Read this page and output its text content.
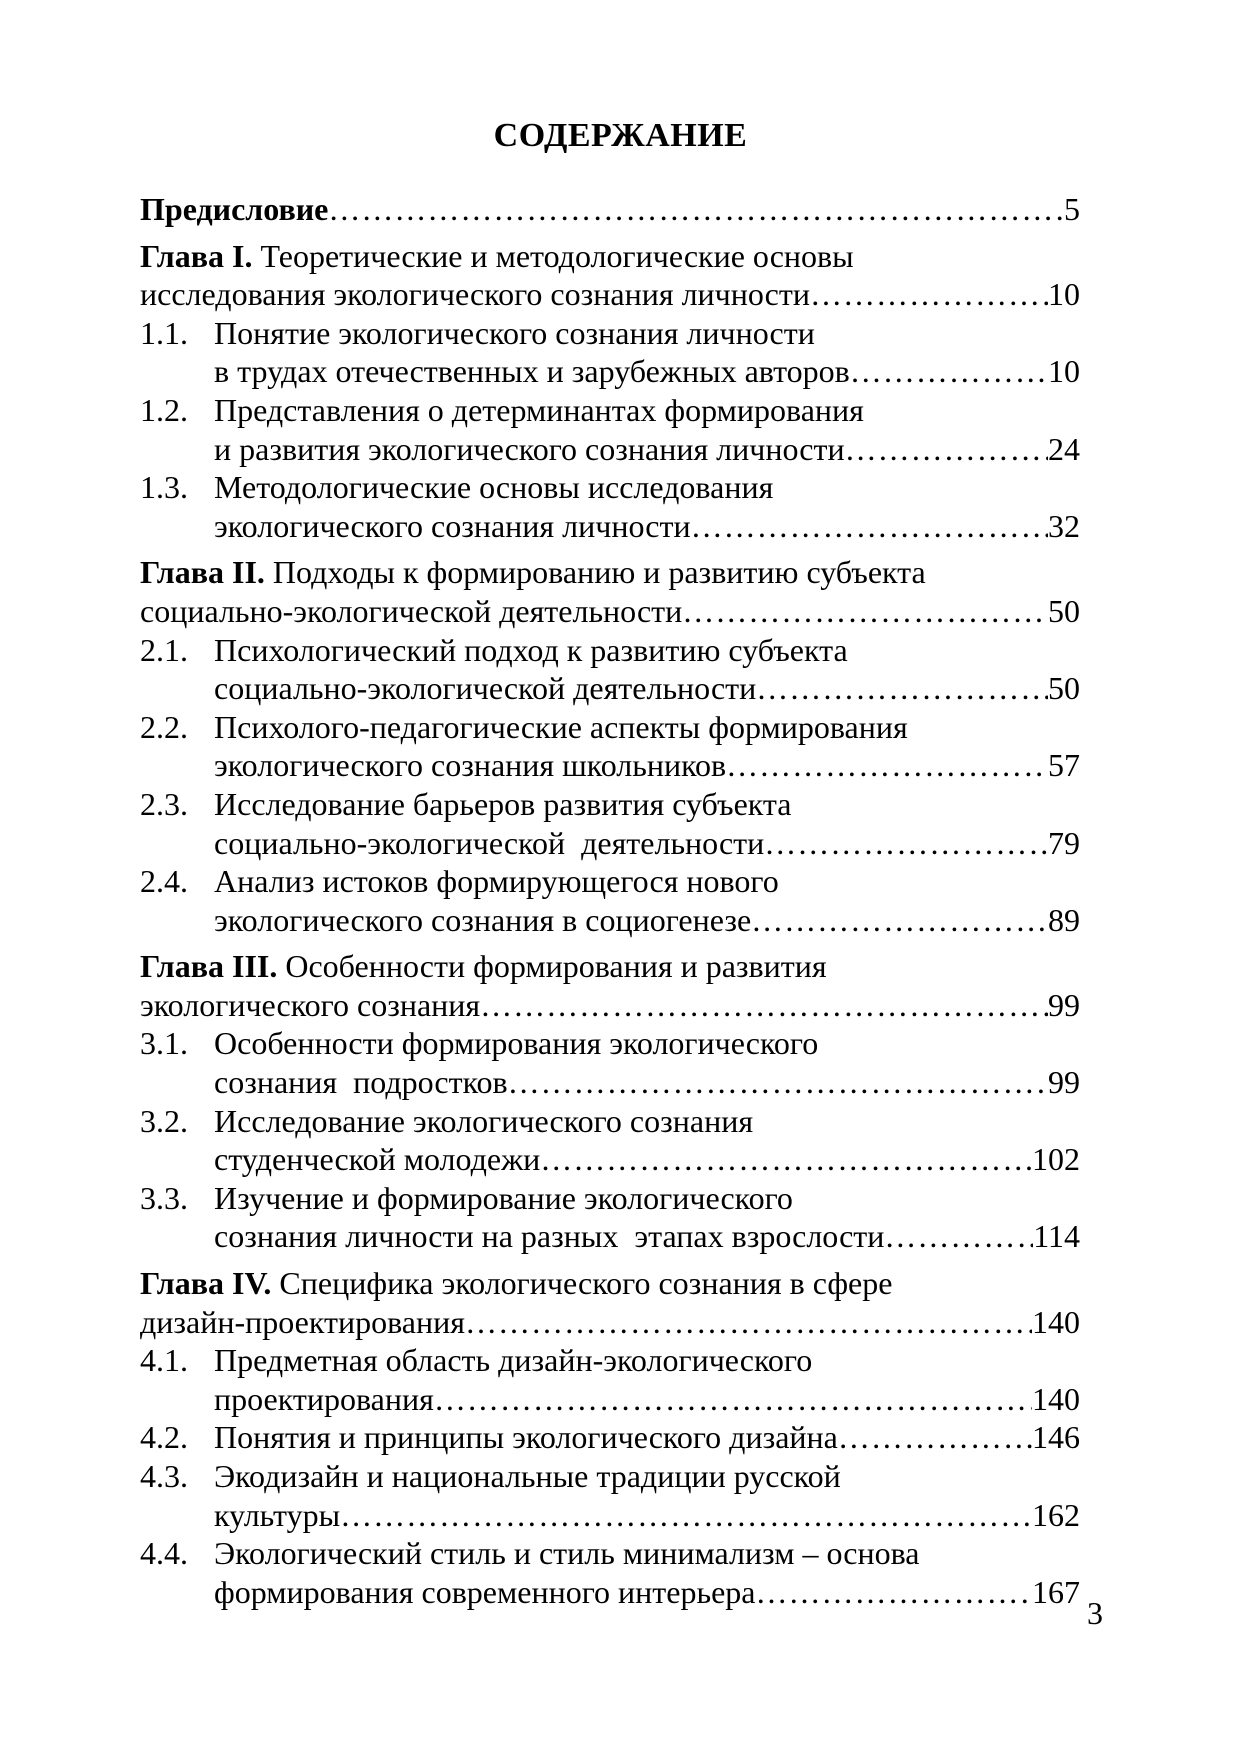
СОДЕРЖАНИЕ
Предисловие ………………………………………………………………………………………………………………………………………………	5
Глава I. Теоретические и методологические основы
исследования экологического сознания личности ………………………………………………………………………………………………………………………………………………	10
1.1. Понятие экологического сознания личности
в трудах отечественных и зарубежных авторов ………………………………………………………………………………………………………………………………………………	10
1.2. Представления о детерминантах формирования
и развития экологического сознания личности ………………………………………………………………………………………………………………………………………………	24
1.3. Методологические основы исследования
экологического сознания личности ………………………………………………………………………………………………………………………………………………	32
Глава II. Подходы к формированию и развитию субъекта
социально-экологической деятельности ………………………………………………………………………………………………………………………………………………	50
2.1. Психологический подход к развитию субъекта
социально-экологической деятельности ………………………………………………………………………………………………………………………………………………	50
2.2. Психолого-педагогические аспекты формирования
экологического сознания школьников ………………………………………………………………………………………………………………………………………………	57
2.3. Исследование барьеров развития субъекта
социально-экологической  деятельности ………………………………………………………………………………………………………………………………………………	79
2.4. Анализ истоков формирующегося нового
экологического сознания в социогенезе ………………………………………………………………………………………………………………………………………………	89
Глава III. Особенности формирования и развития
экологического сознания ………………………………………………………………………………………………………………………………………………	99
3.1. Особенности формирования экологического
сознания  подростков ………………………………………………………………………………………………………………………………………………	99
3.2. Исследование экологического сознания
студенческой молодежи ………………………………………………………………………………………………………………………………………………	102
3.3. Изучение и формирование экологического
сознания личности на разных  этапах взрослости ………………………………………………………………………………………………………………………………………………	114
Глава IV. Специфика экологического сознания в сфере
дизайн-проектирования ………………………………………………………………………………………………………………………………………………	140
4.1. Предметная область дизайн-экологического
проектирования ………………………………………………………………………………………………………………………………………………	140
4.2. Понятия и принципы экологического дизайна ………………………………………………………………………………………………………………………………………………	146
4.3. Экодизайн и национальные традиции русской
культуры ………………………………………………………………………………………………………………………………………………	162
4.4. Экологический стиль и стиль минимализм – основа
формирования современного интерьера ………………………………………………………………………………………………………………………………………………	167
3
